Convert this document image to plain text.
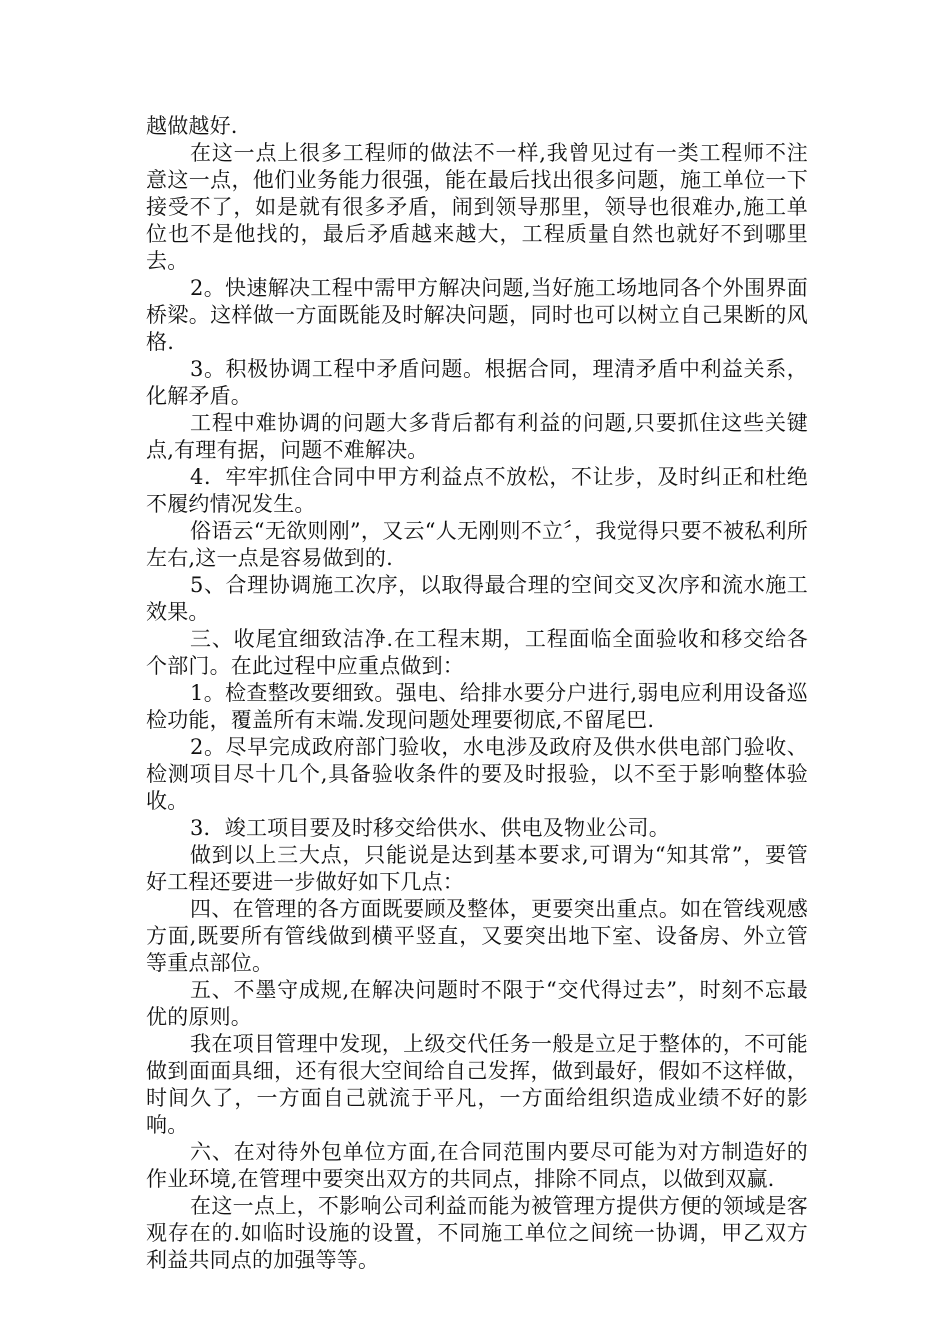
越做越好.

在这一点上很多工程师的做法不一样,我曾见过有一类工程师不注意这一点，他们业务能力很强，能在最后找出很多问题，施工单位一下接受不了，如是就有很多矛盾，闹到领导那里，领导也很难办,施工单位也不是他找的，最后矛盾越来越大，工程质量自然也就好不到哪里去。

2。快速解决工程中需甲方解决问题,当好施工场地同各个外围界面桥梁。这样做一方面既能及时解决问题，同时也可以树立自己果断的风格.

3。积极协调工程中矛盾问题。根据合同，理清矛盾中利益关系，化解矛盾。

工程中难协调的问题大多背后都有利益的问题,只要抓住这些关键点,有理有据，问题不难解决。

4．牢牢抓住合同中甲方利益点不放松，不让步，及时纠正和杜绝不履约情况发生。

俗语云“无欲则刚”，又云“人无刚则不立〞，我觉得只要不被私利所左右,这一点是容易做到的.

5、合理协调施工次序，以取得最合理的空间交叉次序和流水施工效果。

三、收尾宜细致洁净.在工程末期，工程面临全面验收和移交给各个部门。在此过程中应重点做到：

1。检查整改要细致。强电、给排水要分户进行,弱电应利用设备巡检功能，覆盖所有末端.发现问题处理要彻底,不留尾巴.

2。尽早完成政府部门验收，水电涉及政府及供水供电部门验收、检测项目尽十几个,具备验收条件的要及时报验，以不至于影响整体验收。

3．竣工项目要及时移交给供水、供电及物业公司。

做到以上三大点，只能说是达到基本要求,可谓为“知其常”，要管好工程还要进一步做好如下几点：

四、在管理的各方面既要顾及整体，更要突出重点。如在管线观感方面,既要所有管线做到横平竖直，又要突出地下室、设备房、外立管等重点部位。

五、不墨守成规,在解决问题时不限于“交代得过去”，时刻不忘最优的原则。

我在项目管理中发现，上级交代任务一般是立足于整体的，不可能做到面面具细，还有很大空间给自己发挥，做到最好，假如不这样做，时间久了，一方面自己就流于平凡，一方面给组织造成业绩不好的影响。

六、在对待外包单位方面,在合同范围内要尽可能为对方制造好的作业环境,在管理中要突出双方的共同点，排除不同点，以做到双赢.

在这一点上，不影响公司利益而能为被管理方提供方便的领域是客观存在的.如临时设施的设置，不同施工单位之间统一协调，甲乙双方利益共同点的加强等等。
